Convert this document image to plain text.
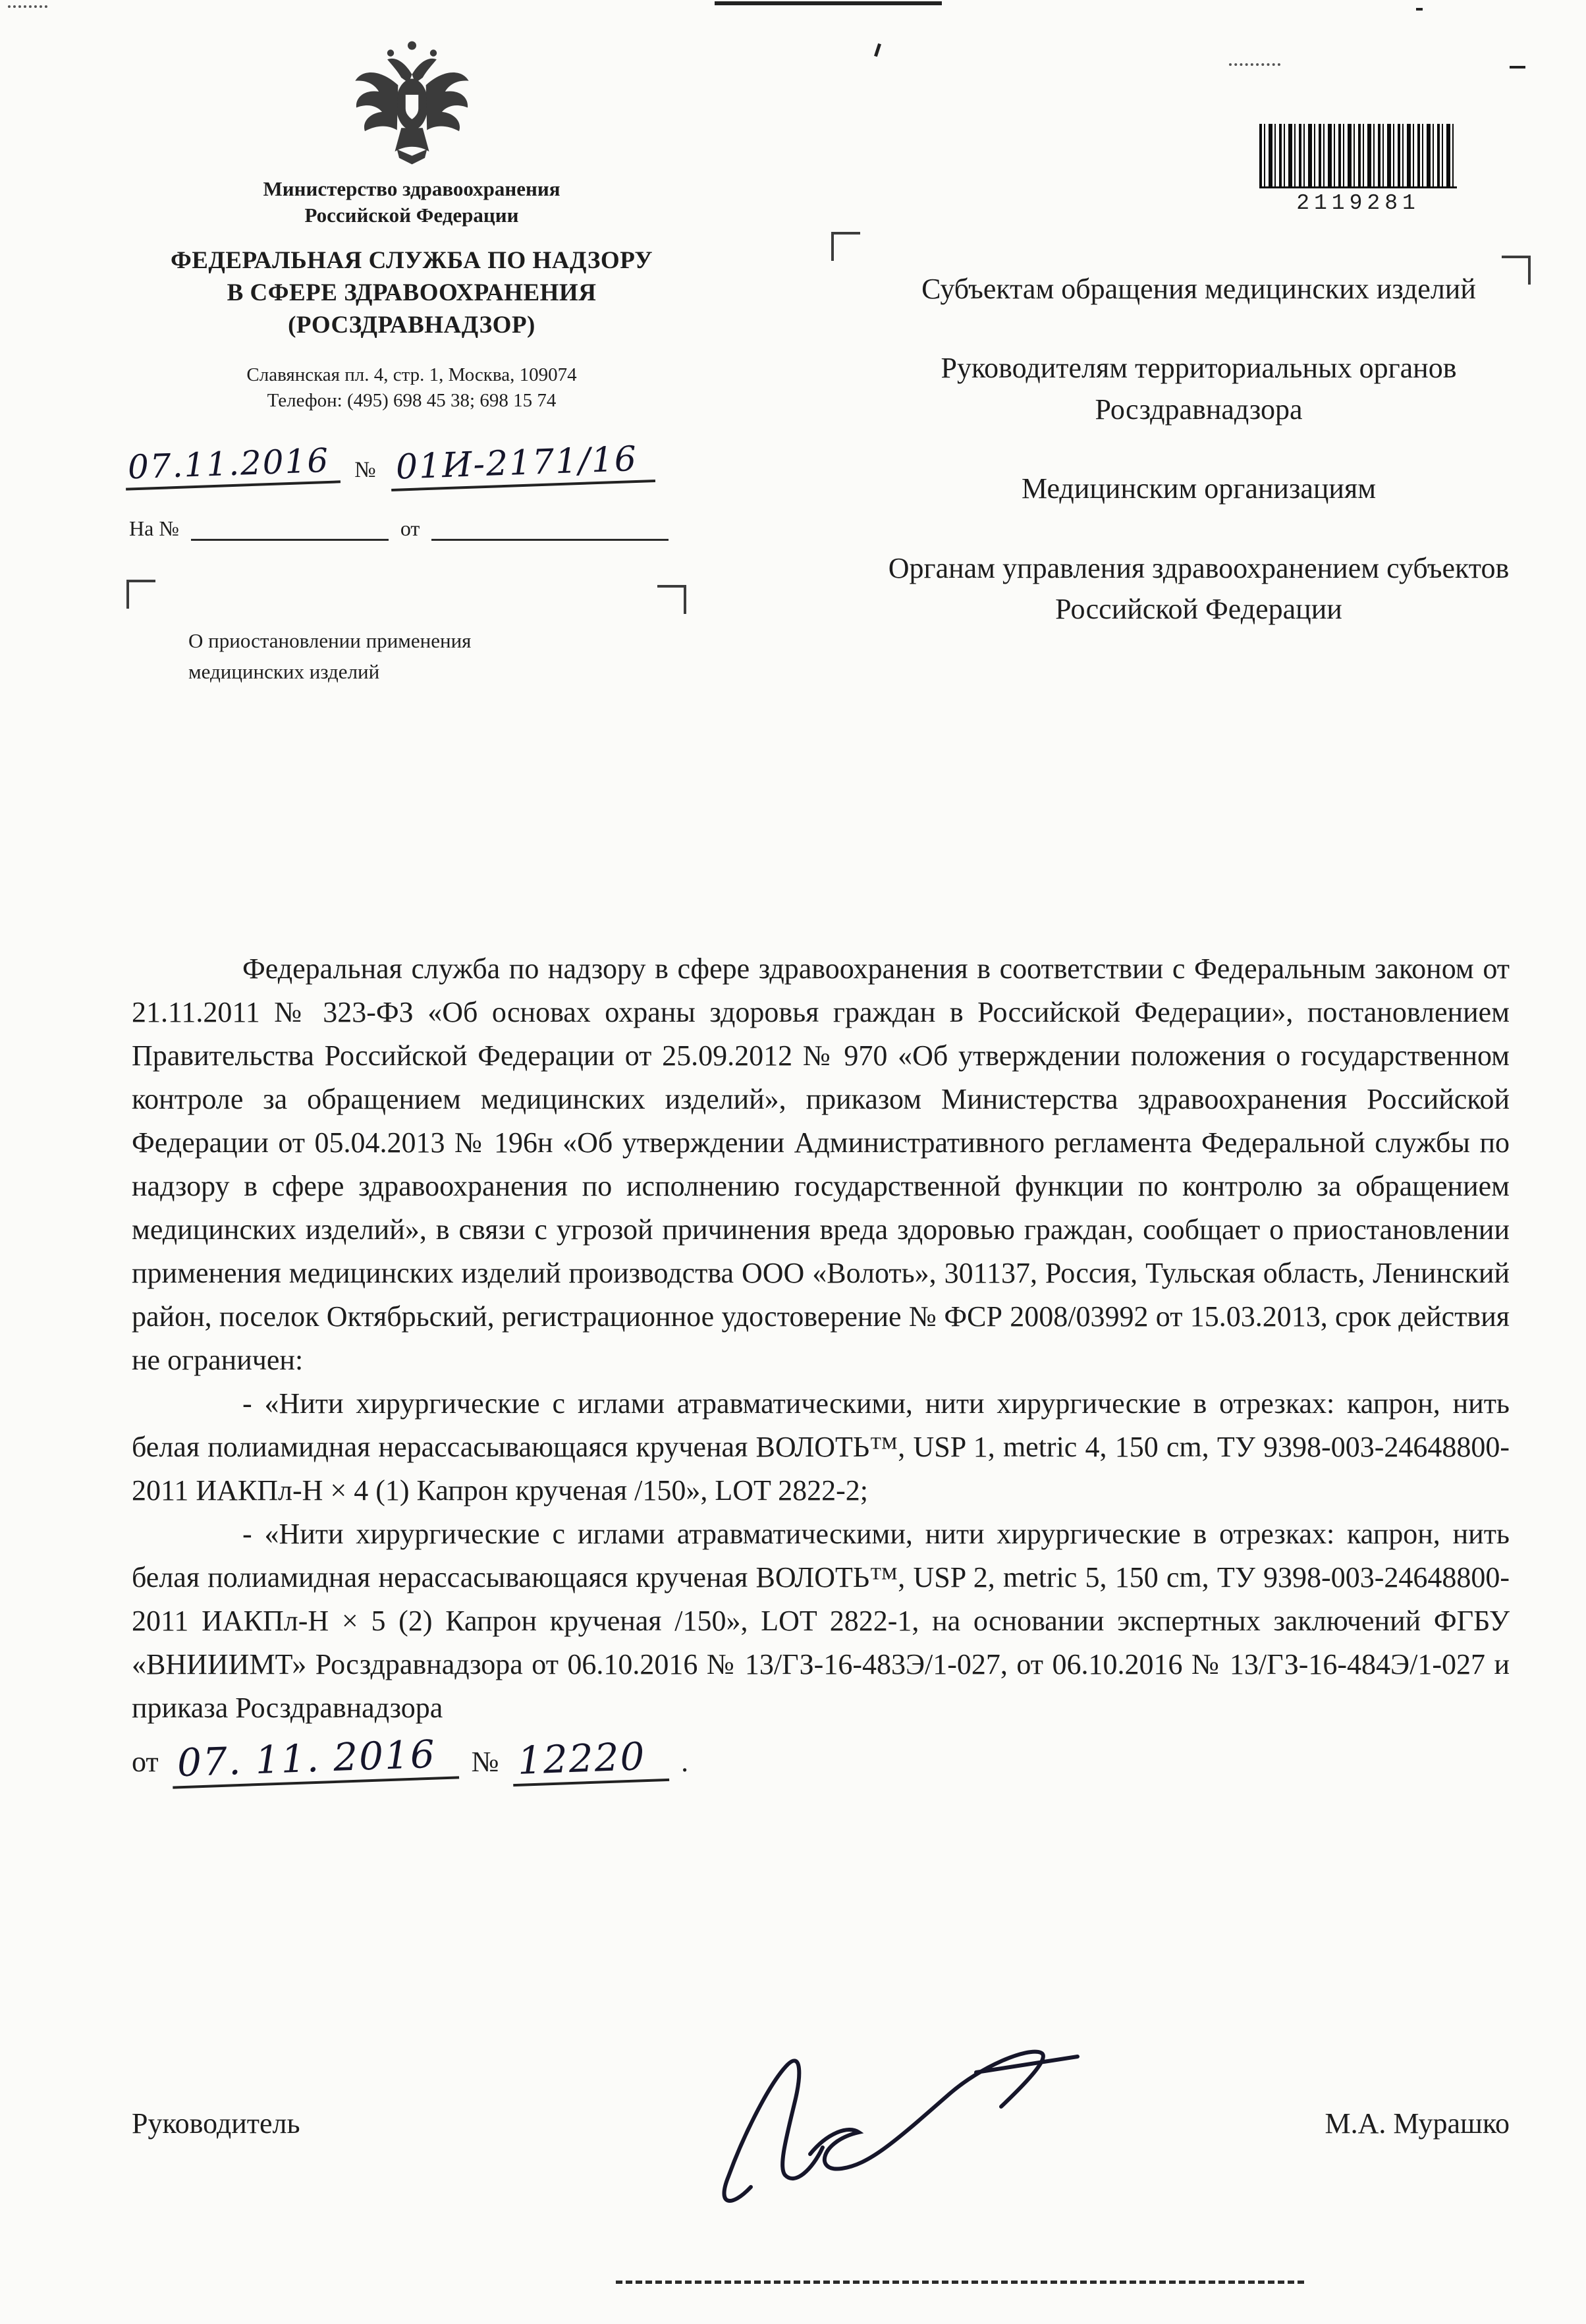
Министерство здравоохранения
Российской Федерации
ФЕДЕРАЛЬНАЯ СЛУЖБА ПО НАДЗОРУ
В СФЕРЕ ЗДРАВООХРАНЕНИЯ
(РОСЗДРАВНАДЗОР)
Славянская пл. 4, стр. 1, Москва, 109074
Телефон: (495) 698 45 38; 698 15 74
07.11.2016	№ 01И-2171/16
На №	от
О приостановлении применения
медицинских изделий
2119281
Субъектам обращения медицинских изделий
Руководителям территориальных органов Росздравнадзора
Медицинским организациям
Органам управления здравоохранением субъектов Российской Федерации

Федеральная служба по надзору в сфере здравоохранения в соответствии с Федеральным законом от 21.11.2011 № 323-ФЗ «Об основах охраны здоровья граждан в Российской Федерации», постановлением Правительства Российской Федерации от 25.09.2012 № 970 «Об утверждении положения о государственном контроле за обращением медицинских изделий», приказом Министерства здравоохранения Российской Федерации от 05.04.2013 № 196н «Об утверждении Административного регламента Федеральной службы по надзору в сфере здравоохранения по исполнению государственной функции по контролю за обращением медицинских изделий», в связи с угрозой причинения вреда здоровью граждан, сообщает о приостановлении применения медицинских изделий производства ООО «Волоть», 301137, Россия, Тульская область, Ленинский район, поселок Октябрьский, регистрационное удостоверение № ФСР 2008/03992 от 15.03.2013, срок действия не ограничен:

- «Нити хирургические с иглами атравматическими, нити хирургические в отрезках: капрон, нить белая полиамидная нерассасывающаяся крученая ВОЛОТЬ™, USP 1, metric 4, 150 cm, ТУ 9398-003-24648800-2011 ИАКПл-Н × 4 (1) Капрон крученая /150», LOT 2822-2;

- «Нити хирургические с иглами атравматическими, нити хирургические в отрезках: капрон, нить белая полиамидная нерассасывающаяся крученая ВОЛОТЬ™, USP 2, metric 5, 150 cm, ТУ 9398-003-24648800-2011 ИАКПл-Н × 5 (2) Капрон крученая /150», LOT 2822-1, на основании экспертных заключений ФГБУ «ВНИИИМТ» Росздравнадзора от 06.10.2016 № 13/ГЗ-16-483Э/1-027, от 06.10.2016 № 13/ГЗ-16-484Э/1-027 и приказа Росздравнадзора

от 07. 11. 2016	№ 12220	.
Руководитель	М.А. Мурашко
